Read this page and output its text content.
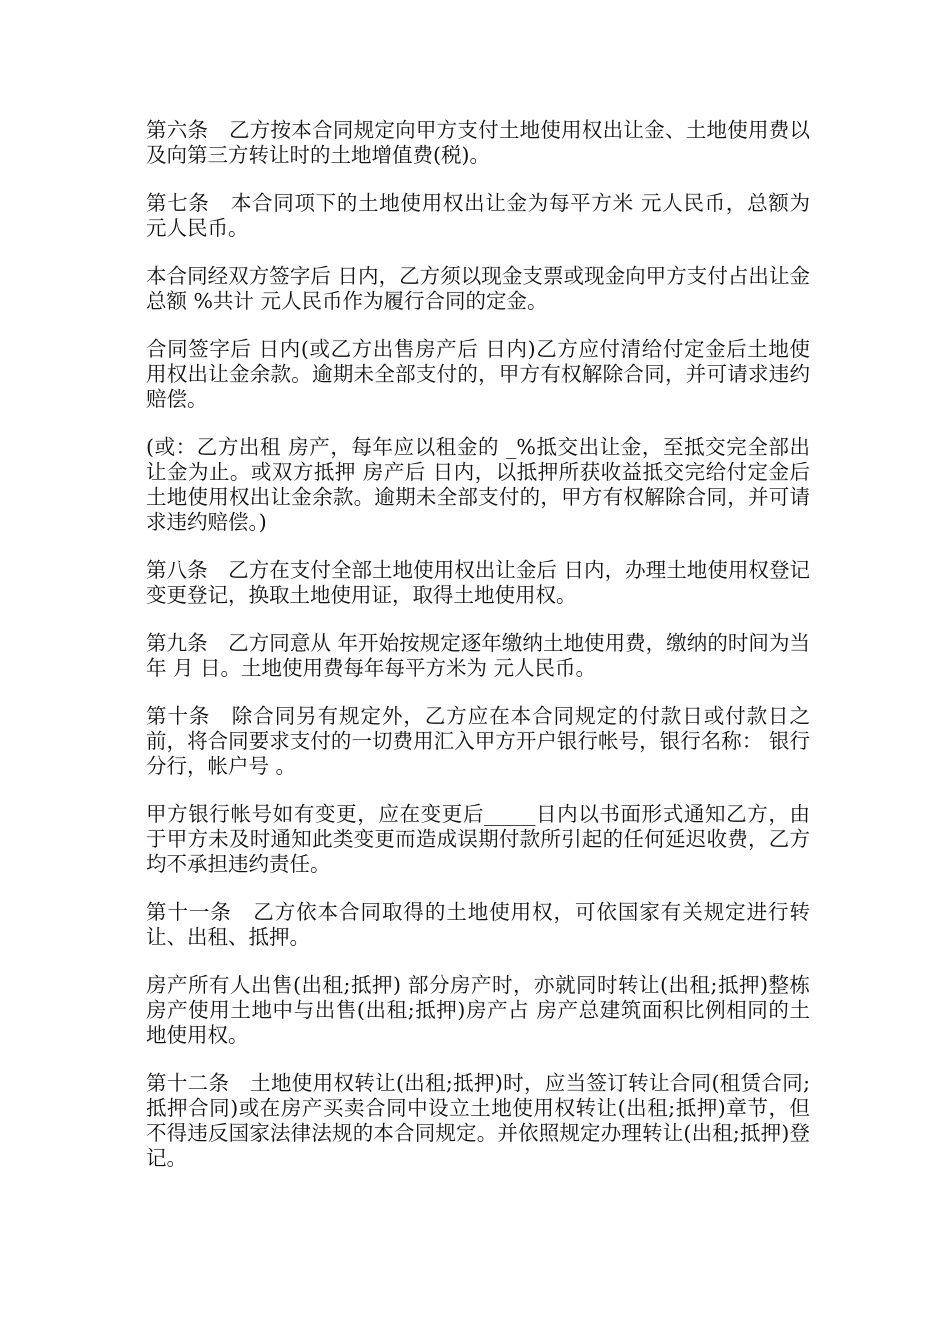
第六条　乙方按本合同规定向甲方支付土地使用权出让金、土地使用费以及向第三方转让时的土地增值费(税)。

第七条　本合同项下的土地使用权出让金为每平方米 元人民币，总额为 元人民币。

本合同经双方签字后 日内，乙方须以现金支票或现金向甲方支付占出让金总额 %共计 元人民币作为履行合同的定金。

合同签字后 日内(或乙方出售房产后 日内)乙方应付清给付定金后土地使用权出让金余款。逾期未全部支付的，甲方有权解除合同，并可请求违约赔偿。

(或：乙方出租 房产，每年应以租金的 _%抵交出让金，至抵交完全部出让金为止。或双方抵押 房产后 日内，以抵押所获收益抵交完给付定金后土地使用权出让金余款。逾期未全部支付的，甲方有权解除合同，并可请求违约赔偿。)

第八条　乙方在支付全部土地使用权出让金后 日内，办理土地使用权登记变更登记，换取土地使用证，取得土地使用权。

第九条　乙方同意从 年开始按规定逐年缴纳土地使用费，缴纳的时间为当年 月 日。土地使用费每年每平方米为 元人民币。

第十条　除合同另有规定外，乙方应在本合同规定的付款日或付款日之前，将合同要求支付的一切费用汇入甲方开户银行帐号，银行名称： 银行 分行，帐户号 。

甲方银行帐号如有变更，应在变更后_____日内以书面形式通知乙方，由于甲方未及时通知此类变更而造成误期付款所引起的任何延迟收费，乙方均不承担违约责任。

第十一条　乙方依本合同取得的土地使用权，可依国家有关规定进行转让、出租、抵押。

房产所有人出售(出租;抵押) 部分房产时，亦就同时转让(出租;抵押)整栋房产使用土地中与出售(出租;抵押)房产占 房产总建筑面积比例相同的土地使用权。

第十二条　土地使用权转让(出租;抵押)时，应当签订转让合同(租赁合同;抵押合同)或在房产买卖合同中设立土地使用权转让(出租;抵押)章节，但不得违反国家法律法规的本合同规定。并依照规定办理转让(出租;抵押)登记。
